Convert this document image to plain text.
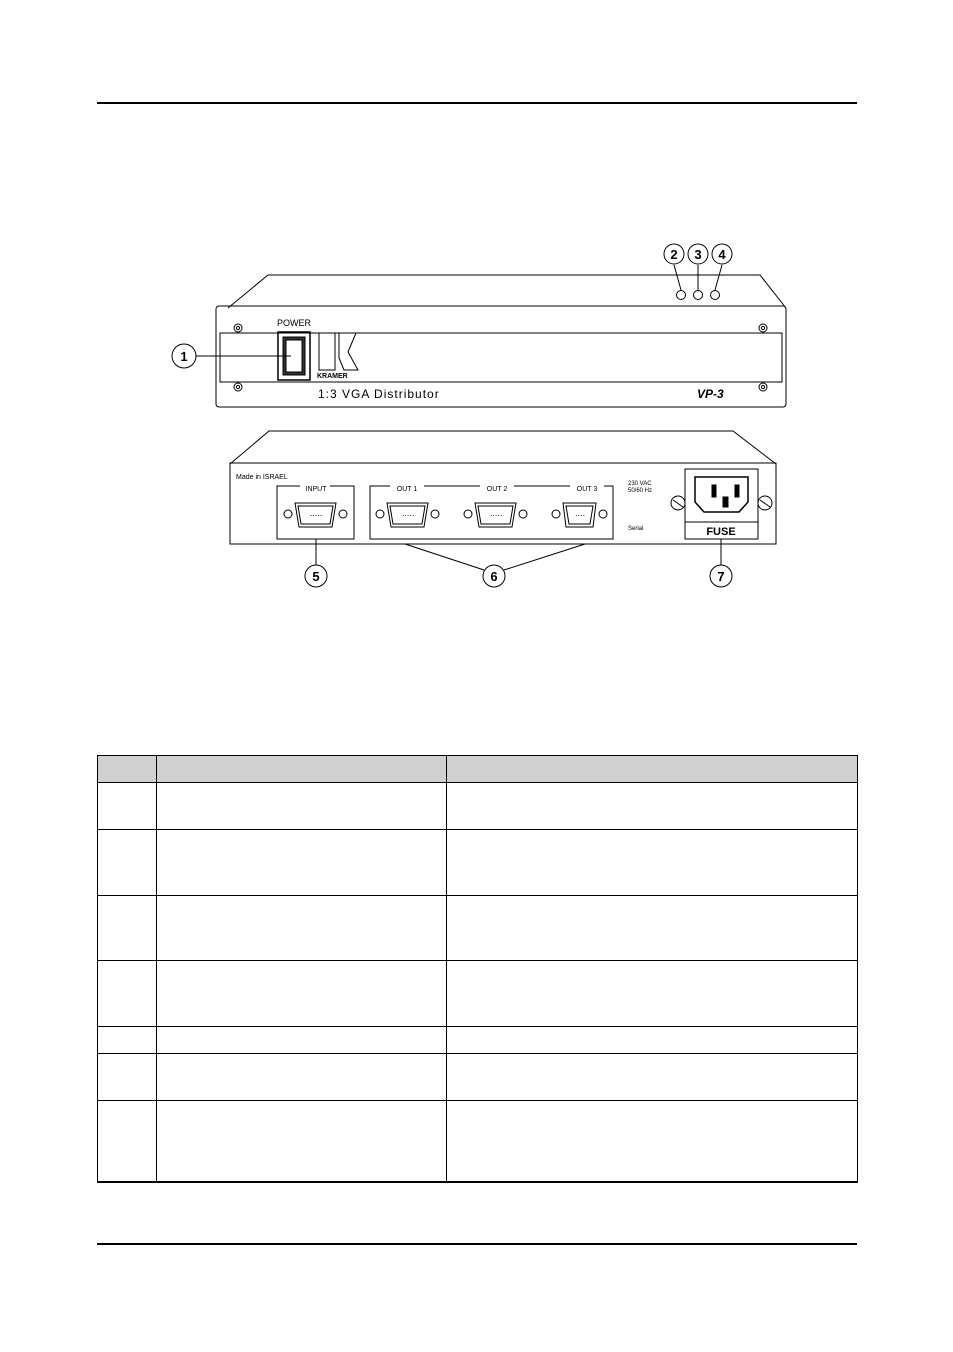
POWER
KRAMER
1:3 VGA Distributor	VP-3
1
2 3 4
∙∙∙∙∙	∙∙∙∙∙	∙∙∙∙∙	∙∙∙∙
Made in ISRAEL
INPUT	OUT 1	OUT 2	OUT 3
230 VAC
50/60 Hz
Serial	FUSE
5	6	7
